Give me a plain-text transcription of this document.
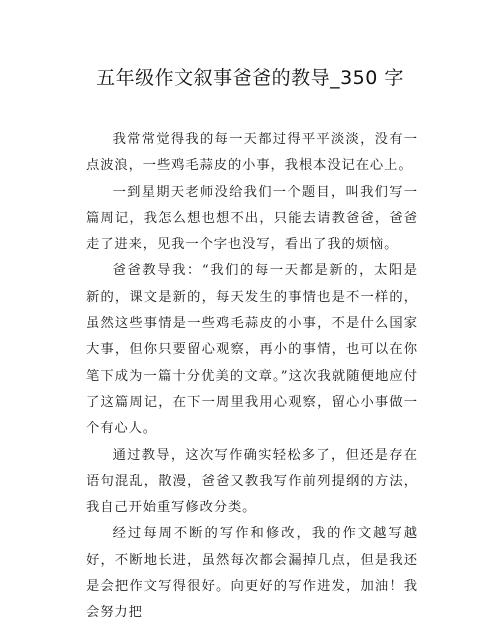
五年级作文叙事爸爸的教导_350 字

我常常觉得我的每一天都过得平平淡淡，没有一点波浪，一些鸡毛蒜皮的小事，我根本没记在心上。

一到星期天老师没给我们一个题目，叫我们写一篇周记，我怎么想也想不出，只能去请教爸爸，爸爸走了进来，见我一个字也没写，看出了我的烦恼。

爸爸教导我：“我们的每一天都是新的，太阳是新的，课文是新的，每天发生的事情也是不一样的，虽然这些事情是一些鸡毛蒜皮的小事，不是什么国家大事，但你只要留心观察，再小的事情，也可以在你笔下成为一篇十分优美的文章。”这次我就随便地应付了这篇周记，在下一周里我用心观察，留心小事做一个有心人。

通过教导，这次写作确实轻松多了，但还是存在语句混乱，散漫，爸爸又教我写作前列提纲的方法，我自己开始重写修改分类。

经过每周不断的写作和修改，我的作文越写越好，不断地长进，虽然每次都会漏掉几点，但是我还是会把作文写得很好。向更好的写作进发，加油！我会努力把
